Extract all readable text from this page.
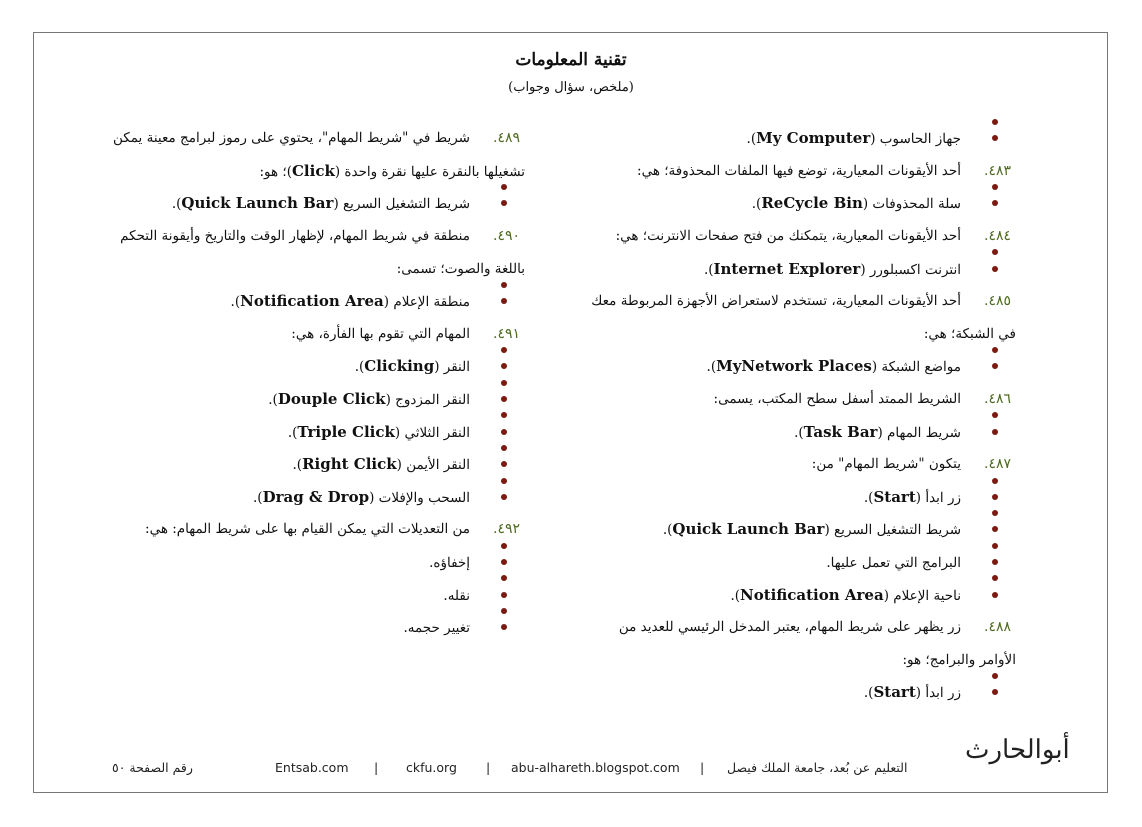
تقنية المعلومات
(ملخص، سؤال وجواب)
جهاز الحاسوب (My Computer).
٤٨٣.
أحد الأيقونات المعيارية، توضع فيها الملفات المحذوفة؛ هي:
سلة المحذوفات (ReCycle Bin).
٤٨٤.
أحد الأيقونات المعيارية، يتمكنك من فتح صفحات الانترنت؛ هي:
انترنت اكسبلورر (Internet Explorer).
٤٨٥.
أحد الأيقونات المعيارية، تستخدم لاستعراض الأجهزة المربوطة معك
في الشبكة؛ هي:
مواضع الشبكة (MyNetwork Places).
٤٨٦.
الشريط الممتد أسفل سطح المكتب، يسمى:
شريط المهام (Task Bar).
٤٨٧.
يتكون "شريط المهام" من:
زر ابدأ (Start).
شريط التشغيل السريع (Quick Launch Bar).
البرامج التي تعمل عليها.
ناحية الإعلام (Notification Area).
٤٨٨.
زر يظهر على شريط المهام، يعتبر المدخل الرئيسي للعديد من
الأوامر والبرامج؛ هو:
زر ابدأ (Start).
٤٨٩.
شريط في "شريط المهام"، يحتوي على رموز لبرامج معينة يمكن
تشغيلها بالنقرة عليها نقرة واحدة (Click)؛ هو:
شريط التشغيل السريع (Quick Launch Bar).
٤٩٠.
منطقة في شريط المهام، لإظهار الوقت والتاريخ وأيقونة التحكم
باللغة والصوت؛ تسمى:
منطقة الإعلام (Notification Area).
٤٩١.
المهام التي تقوم بها الفأرة، هي:
النقر (Clicking).
النقر المزدوج (Douple Click).
النقر الثلاثي (Triple Click).
النقر الأيمن (Right Click).
السحب والإفلات (Drag & Drop).
٤٩٢.
من التعديلات التي يمكن القيام بها على شريط المهام: هي:
إخفاؤه.
نقله.
تغيير حجمه.
رقم الصفحة ٥٠	Entsab.com | ckfu.org | abu-alhareth.blogspot.com | التعليم عن بُعد، جامعة الملك فيصل
أبوالحارث
